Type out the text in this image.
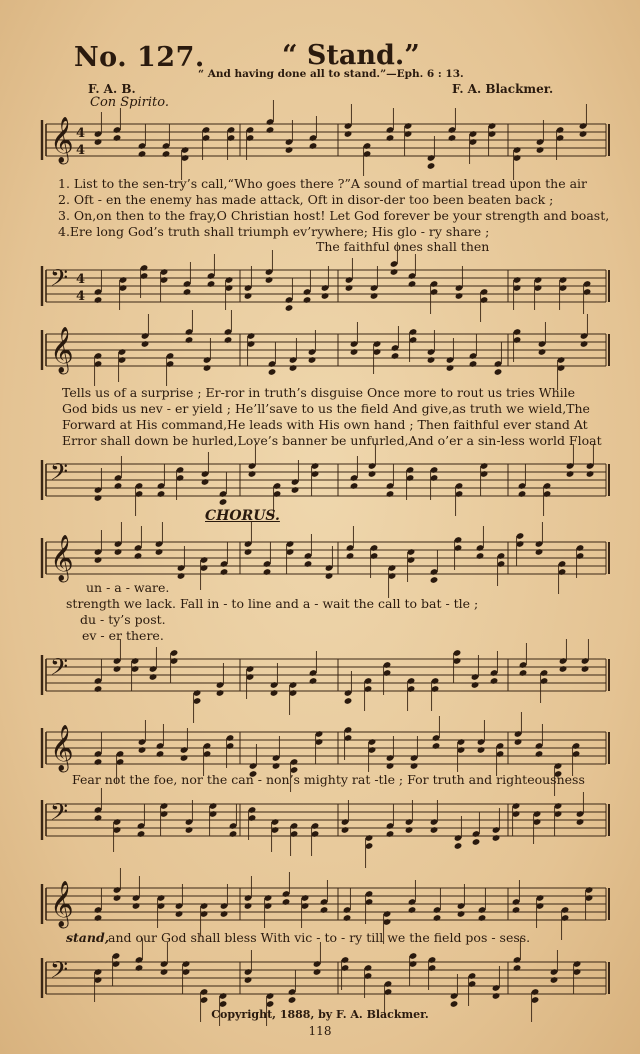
No. 127.	“ Stand.”
“ And having done all to stand.”—Eph. 6 : 13.
F. A. B.	F. A. Blackmer.
Con Spirito.
𝄞 4
4
1. List to the sen-try’s call,“Who goes there ?”A sound of martial tread upon the air
2. Oft - en the enemy has made attack, Oft in disor-der too been beaten back ;
3. On,on then to the fray,O Christian host! Let God forever be your strength and boast,
4.Ere long God’s truth shall triumph ev’rywhere; His glo - ry share ;
The faithful ones shall then
𝄢 4
4
𝄞
Tells us of a surprise ; Er-ror in truth’s disguise Once more to rout us tries While
God bids us nev - er yield ; He’ll’save to us the field And give,as truth we wield,The
Forward at His command,He leads with His own hand ; Then faithful ever stand At
Error shall down be hurled,Love’s banner be unfurled,And o’er a sin-less world Float
𝄢
CHORUS.
𝄞
un - a - ware.
strength we lack. Fall in - to line and a - wait the call to bat - tle ;
du - ty’s post.
ev - er there.
𝄢
𝄞
Fear not the foe, nor the can - non’s mighty rat -tle ; For truth and righteousness
𝄢
𝄞
stand,
and our God shall bless With vic - to - ry till we the field pos - sess.
𝄢
Copyright, 1888, by F. A. Blackmer.
118
